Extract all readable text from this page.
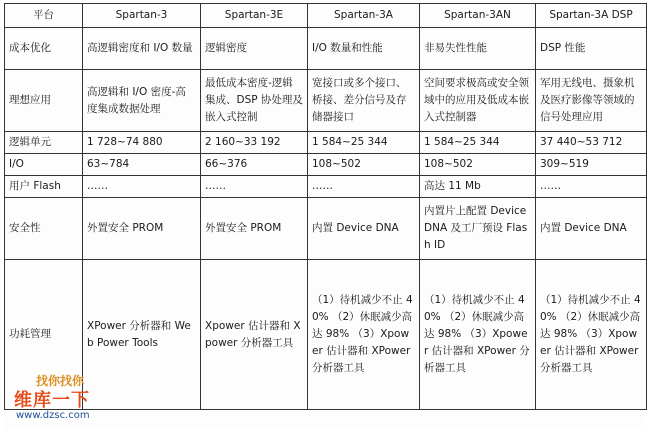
平台	Spartan-3	Spartan-3E	Spartan-3A	Spartan-3AN	Spartan-3A DSP
成本优化	高逻辑密度和 I/O 数量	逻辑密度	I/O 数量和性能	非易失性性能	DSP 性能
理想应用	高逻辑和 I/O 密度-高度集成数据处理	最低成本密度-逻辑集成、DSP 协处理及嵌入式控制	宽接口或多个接口、桥接、差分信号及存储器接口	空间要求极高或安全领域中的应用及低成本嵌入式控制器	军用无线电、摄象机及医疗影像等领域的信号处理应用
逻辑单元	1 728~74 880	2 160~33 192	1 584~25 344	1 584~25 344	37 440~53 712
I/O	63~784	66~376	108~502	108~502	309~519
用户 Flash	……	……	……	高达 11 Mb	……
安全性	外置安全 PROM	外置安全 PROM	内置 Device DNA	内置片上配置 Device DNA 及工厂预设 Flash ID	内置 Device DNA
功耗管理	XPower 分析器和 Web Power Tools	Xpower 估计器和 Xpower 分析器工具	（1）待机减少不止 40% （2）休眠减少高达 98% （3）Xpower 估计器和 XPower 分析器工具	（1）待机减少不止 40% （2）休眠减少高达 98% （3）Xpower 估计器和 XPower 分析器工具	（1）待机减少不止 40% （2）休眠减少高达 98% （3）Xpower 估计器和 XPower 分析器工具
找你找你
维库一下
www.dzsc.com
